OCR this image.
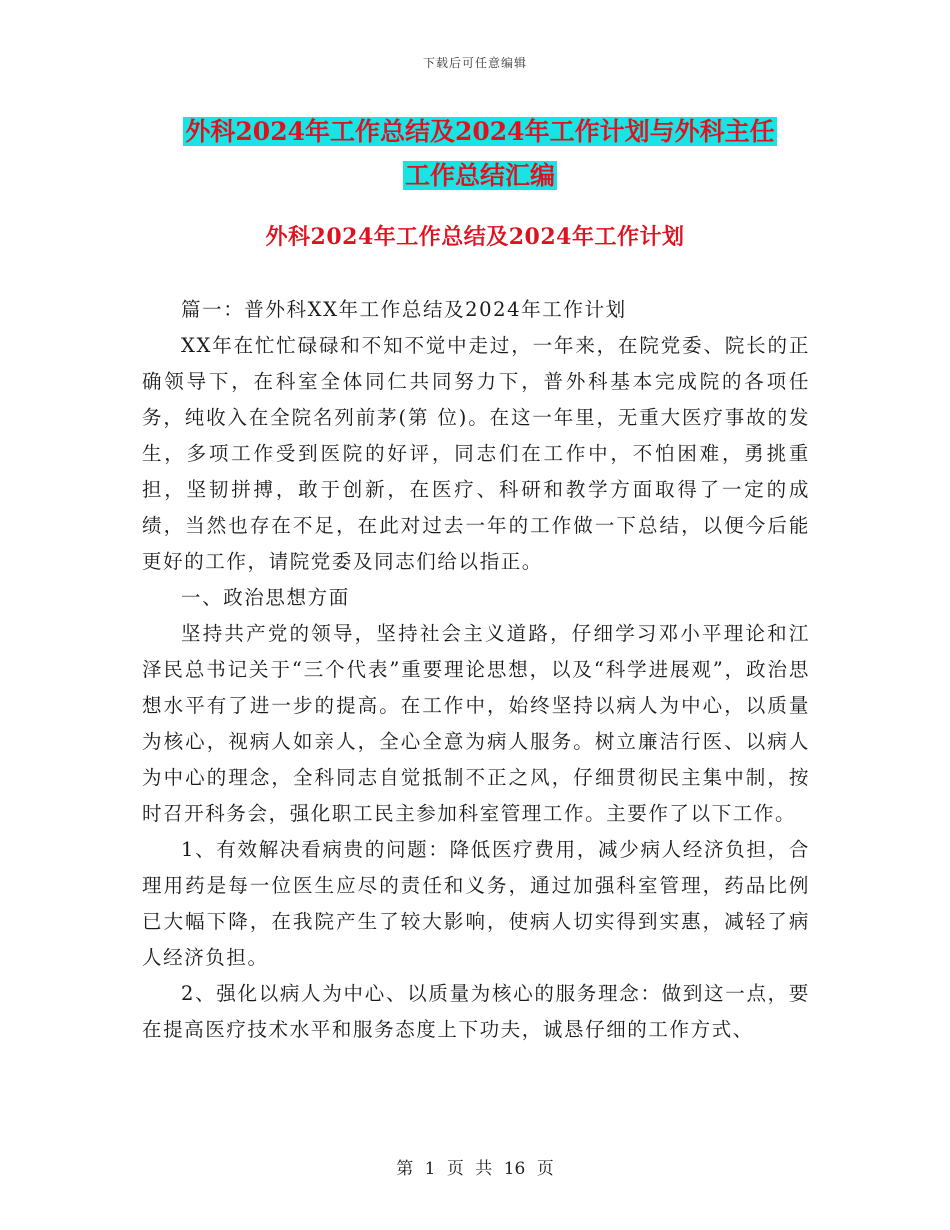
下载后可任意编辑
外科2024年工作总结及2024年工作计划与外科主任
工作总结汇编
外科2024年工作总结及2024年工作计划

篇一：普外科XX年工作总结及2024年工作计划

XX年在忙忙碌碌和不知不觉中走过，一年来，在院党委、院长的正确领导下，在科室全体同仁共同努力下，普外科基本完成院的各项任务，纯收入在全院名列前茅(第 位)。在这一年里，无重大医疗事故的发生，多项工作受到医院的好评，同志们在工作中，不怕困难，勇挑重担，坚韧拼搏，敢于创新，在医疗、科研和教学方面取得了一定的成绩，当然也存在不足，在此对过去一年的工作做一下总结，以便今后能更好的工作，请院党委及同志们给以指正。

一、政治思想方面

坚持共产党的领导，坚持社会主义道路，仔细学习邓小平理论和江泽民总书记关于“三个代表”重要理论思想，以及“科学进展观”，政治思想水平有了进一步的提高。在工作中，始终坚持以病人为中心，以质量为核心，视病人如亲人，全心全意为病人服务。树立廉洁行医、以病人为中心的理念，全科同志自觉抵制不正之风，仔细贯彻民主集中制，按时召开科务会，强化职工民主参加科室管理工作。主要作了以下工作。

1、有效解决看病贵的问题：降低医疗费用，减少病人经济负担，合理用药是每一位医生应尽的责任和义务，通过加强科室管理，药品比例已大幅下降，在我院产生了较大影响，使病人切实得到实惠，减轻了病人经济负担。

2、强化以病人为中心、以质量为核心的服务理念：做到这一点，要在提高医疗技术水平和服务态度上下功夫，诚恳仔细的工作方式、

第 1 页 共 16 页
